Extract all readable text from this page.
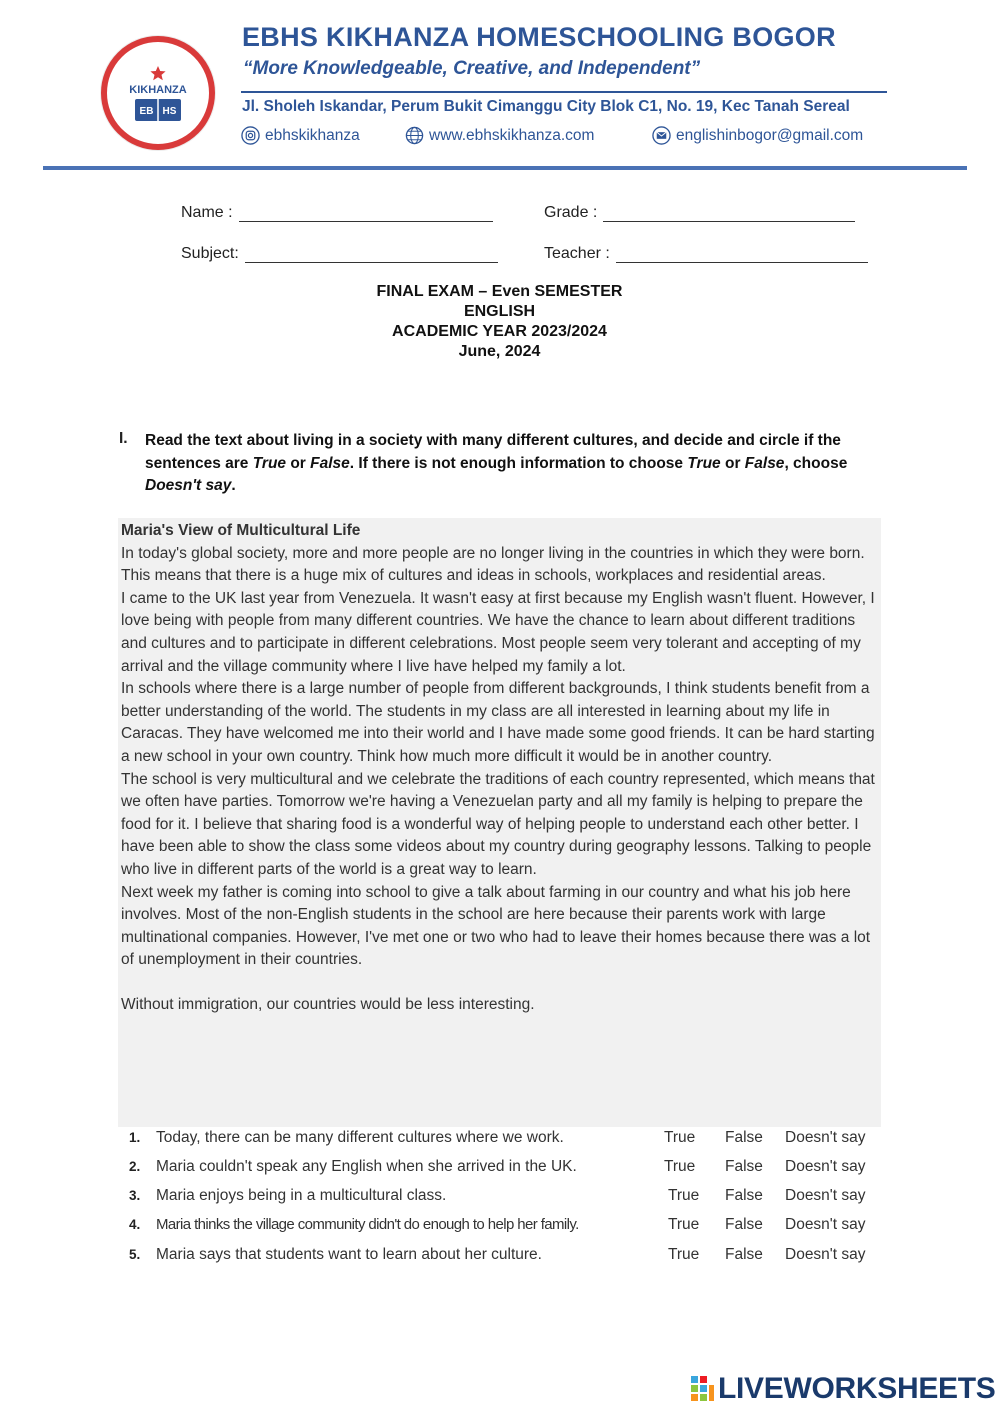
KIKHANZA
EB HS
EBHS KIKHANZA HOMESCHOOLING BOGOR
“More Knowledgeable, Creative, and Independent”
Jl. Sholeh Iskandar, Perum Bukit Cimanggu City Blok C1, No. 19, Kec Tanah Sereal
ebhskikhanza	www.ebhskikhanza.com	englishinbogor@gmail.com
Name :	Grade :
Subject:	Teacher :
FINAL EXAM – Even SEMESTER
ENGLISH
ACADEMIC YEAR 2023/2024
June, 2024
I. Read the text about living in a society with many different cultures, and decide and circle if the sentences are True or False. If there is not enough information to choose True or False, choose Doesn't say.
Maria's View of Multicultural Life

In today's global society, more and more people are no longer living in the countries in which they were born. This means that there is a huge mix of cultures and ideas in schools, workplaces and residential areas.

I came to the UK last year from Venezuela. It wasn't easy at first because my English wasn't fluent. However, I love being with people from many different countries. We have the chance to learn about different traditions and cultures and to participate in different celebrations. Most people seem very tolerant and accepting of my arrival and the village community where I live have helped my family a lot.

In schools where there is a large number of people from different backgrounds, I think students benefit from a better understanding of the world. The students in my class are all interested in learning about my life in Caracas. They have welcomed me into their world and I have made some good friends. It can be hard starting a new school in your own country. Think how much more difficult it would be in another country.

The school is very multicultural and we celebrate the traditions of each country represented, which means that we often have parties. Tomorrow we're having a Venezuelan party and all my family is helping to prepare the food for it. I believe that sharing food is a wonderful way of helping people to understand each other better. I have been able to show the class some videos about my country during geography lessons. Talking to people who live in different parts of the world is a great way to learn.

Next week my father is coming into school to give a talk about farming in our country and what his job here involves. Most of the non-English students in the school are here because their parents work with large multinational companies. However, I've met one or two who had to leave their homes because there was a lot of unemployment in their countries.

Without immigration, our countries would be less interesting.

1. Today, there can be many different cultures where we work.	True False Doesn't say
2. Maria couldn't speak any English when she arrived in the UK.	True False Doesn't say
3. Maria enjoys being in a multicultural class.	True False Doesn't say
4. Maria thinks the village community didn't do enough to help her family.	True False Doesn't say
5. Maria says that students want to learn about her culture.	True False Doesn't say
LIVEWORKSHEETS
